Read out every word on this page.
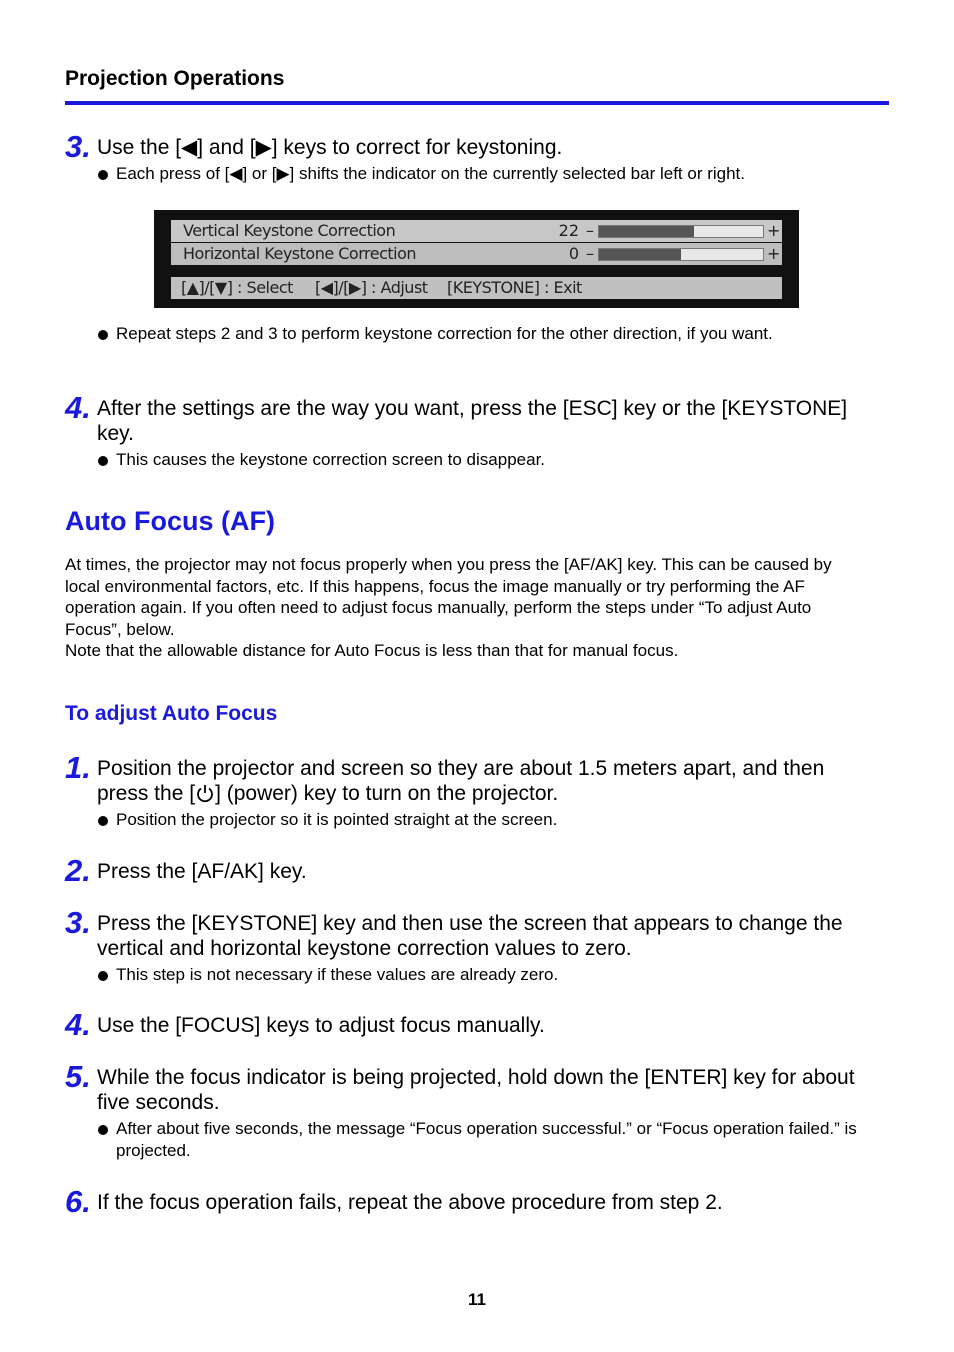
Projection Operations
3. Use the [◀] and [▶] keys to correct for keystoning.
Each press of [◀] or [▶] shifts the indicator on the currently selected bar left or right.
Vertical Keystone Correction	22 –	+
Horizontal Keystone Correction	0 –	+
[▲]/[▼] : Select [◀]/[▶] : Adjust [KEYSTONE] : Exit
Repeat steps 2 and 3 to perform keystone correction for the other direction, if you want.
4. After the settings are the way you want, press the [ESC] key or the [KEYSTONE] key.
This causes the keystone correction screen to disappear.
Auto Focus (AF)
At times, the projector may not focus properly when you press the [AF/AK] key. This can be caused by local environmental factors, etc. If this happens, focus the image manually or try performing the AF operation again. If you often need to adjust focus manually, perform the steps under “To adjust Auto Focus”, below.
Note that the allowable distance for Auto Focus is less than that for manual focus.
To adjust Auto Focus
1. Position the projector and screen so they are about 1.5 meters apart, and then press the [ ] (power) key to turn on the projector.
Position the projector so it is pointed straight at the screen.
2. Press the [AF/AK] key.
3. Press the [KEYSTONE] key and then use the screen that appears to change the vertical and horizontal keystone correction values to zero.
This step is not necessary if these values are already zero.
4. Use the [FOCUS] keys to adjust focus manually.
5. While the focus indicator is being projected, hold down the [ENTER] key for about five seconds.
After about five seconds, the message “Focus operation successful.” or “Focus operation failed.” is projected.
6. If the focus operation fails, repeat the above procedure from step 2.
11
